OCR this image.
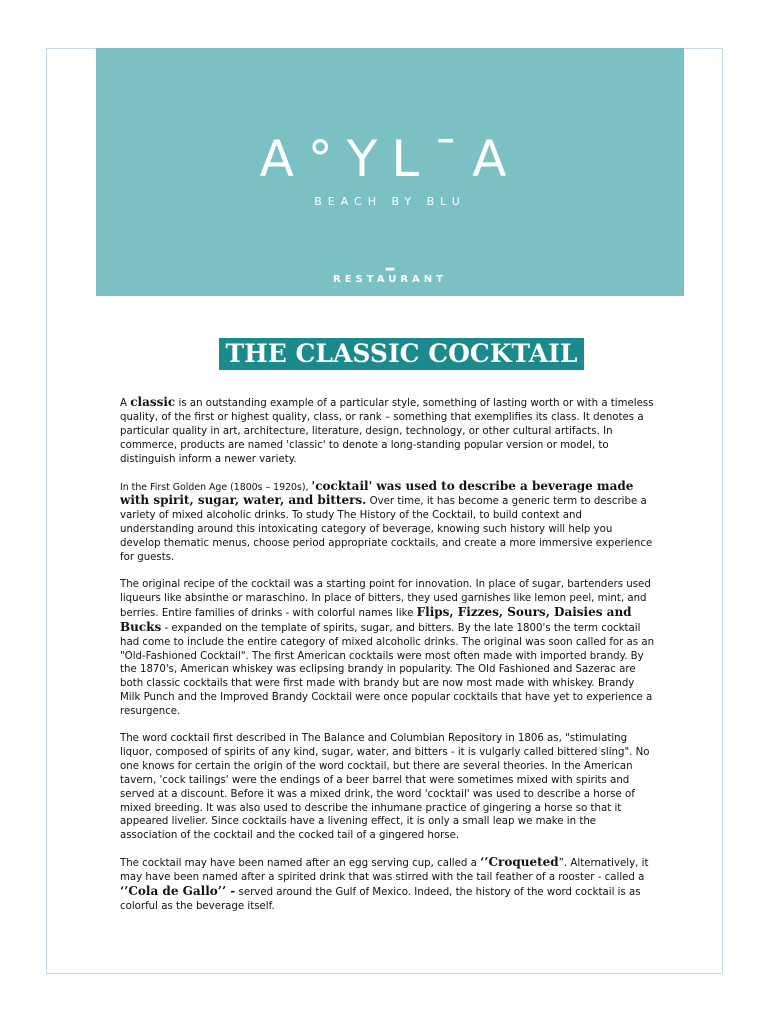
A°YL¯A
BEACH BY BLU
–
RESTAURANT
THE CLASSIC COCKTAIL

A classic is an outstanding example of a particular style, something of lasting worth or with a timeless quality, of the first or highest quality, class, or rank – something that exemplifies its class. It denotes a particular quality in art, architecture, literature, design, technology, or other cultural artifacts. In commerce, products are named 'classic' to denote a long-standing popular version or model, to distinguish inform a newer variety.

In the First Golden Age (1800s – 1920s), 'cocktail' was used to describe a beverage made with spirit, sugar, water, and bitters. Over time, it has become a generic term to describe a variety of mixed alcoholic drinks. To study The History of the Cocktail, to build context and understanding around this intoxicating category of beverage, knowing such history will help you develop thematic menus, choose period appropriate cocktails, and create a more immersive experience for guests.

The original recipe of the cocktail was a starting point for innovation. In place of sugar, bartenders used liqueurs like absinthe or maraschino. In place of bitters, they used garnishes like lemon peel, mint, and berries. Entire families of drinks - with colorful names like Flips, Fizzes, Sours, Daisies and Bucks - expanded on the template of spirits, sugar, and bitters. By the late 1800's the term cocktail had come to include the entire category of mixed alcoholic drinks. The original was soon called for as an "Old-Fashioned Cocktail". The first American cocktails were most often made with imported brandy. By the 1870's, American whiskey was eclipsing brandy in popularity. The Old Fashioned and Sazerac are both classic cocktails that were first made with brandy but are now most made with whiskey. Brandy Milk Punch and the Improved Brandy Cocktail were once popular cocktails that have yet to experience a resurgence.

The word cocktail first described in The Balance and Columbian Repository in 1806 as, "stimulating liquor, composed of spirits of any kind, sugar, water, and bitters - it is vulgarly called bittered sling". No one knows for certain the origin of the word cocktail, but there are several theories. In the American tavern, 'cock tailings' were the endings of a beer barrel that were sometimes mixed with spirits and served at a discount. Before it was a mixed drink, the word 'cocktail' was used to describe a horse of mixed breeding. It was also used to describe the inhumane practice of gingering a horse so that it appeared livelier. Since cocktails have a livening effect, it is only a small leap we make in the association of the cocktail and the cocked tail of a gingered horse.

The cocktail may have been named after an egg serving cup, called a ‘’Croqueted”. Alternatively, it may have been named after a spirited drink that was stirred with the tail feather of a rooster - called a ‘’Cola de Gallo’’ - served around the Gulf of Mexico. Indeed, the history of the word cocktail is as colorful as the beverage itself.
